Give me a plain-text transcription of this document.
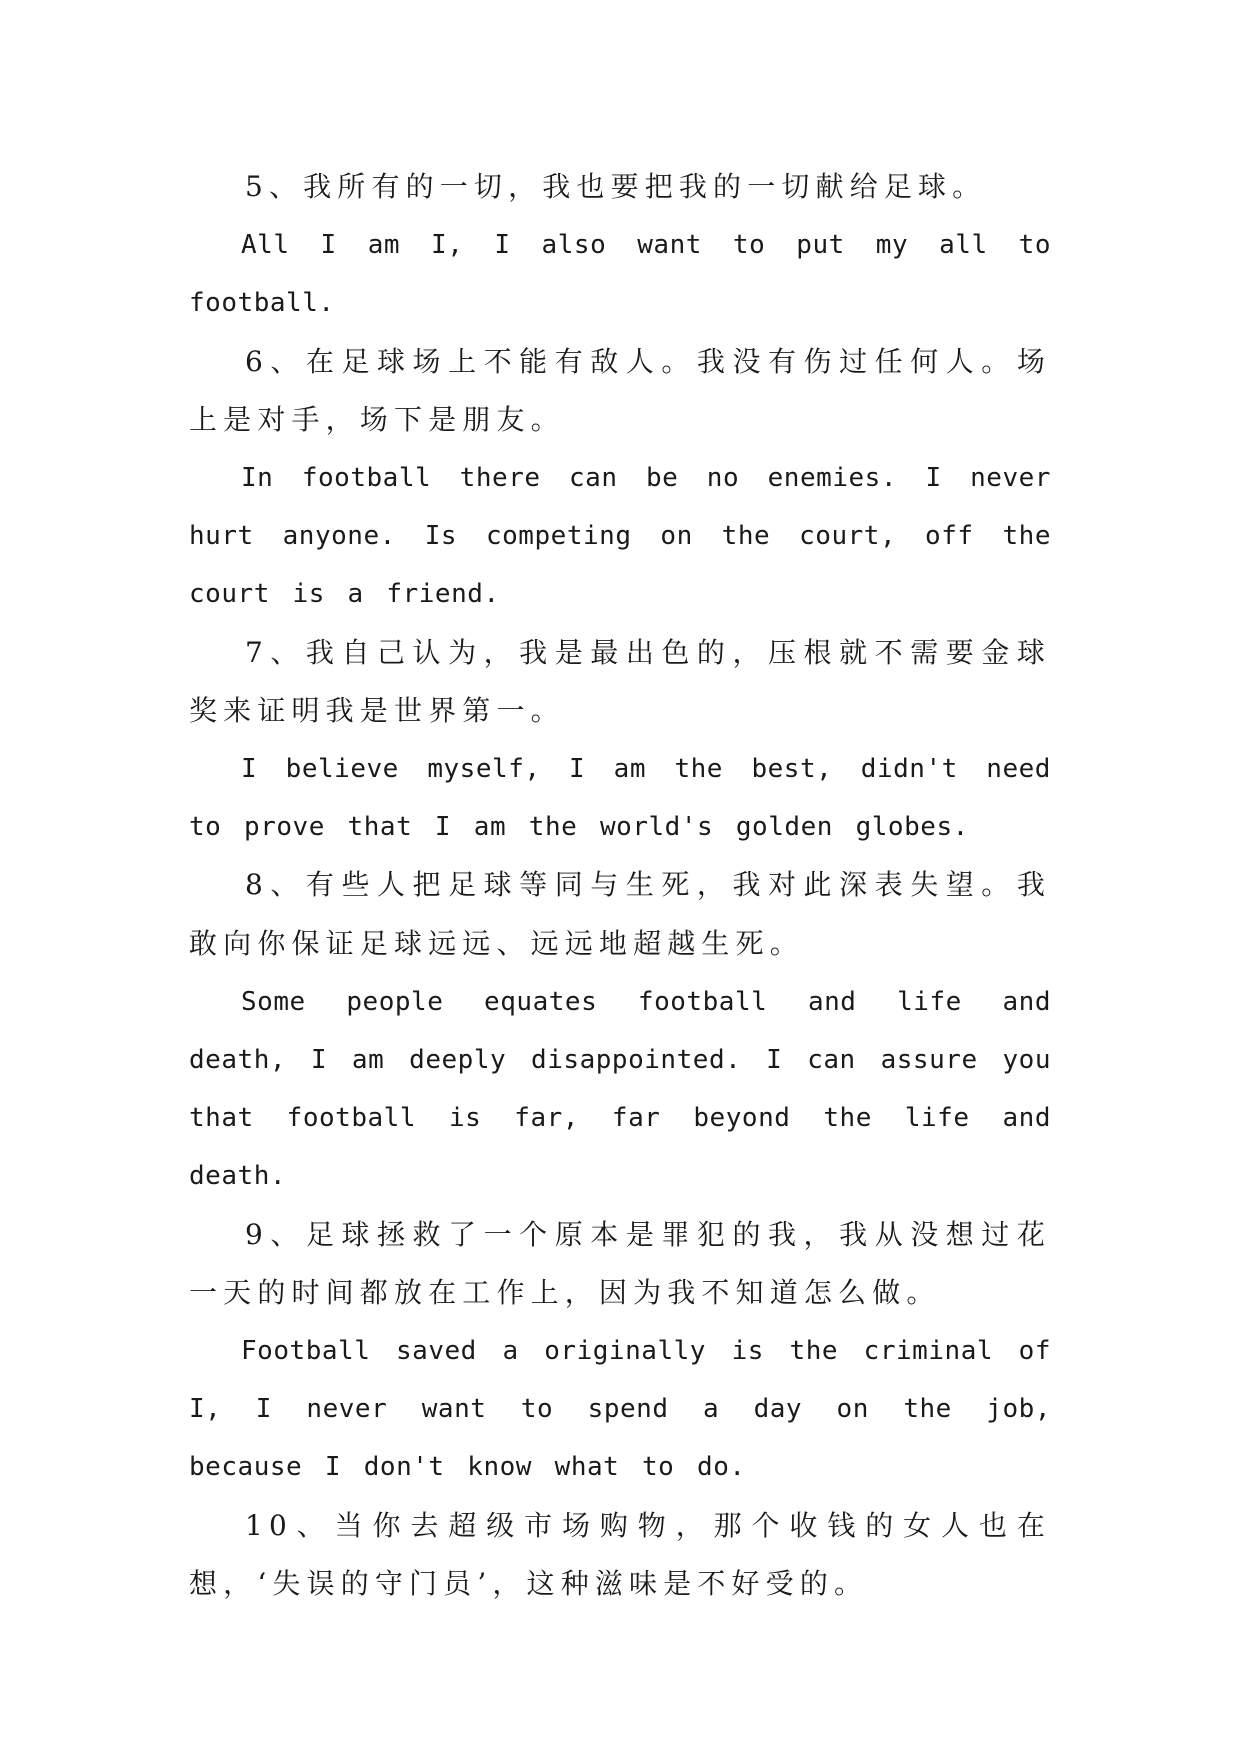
5、我所有的一切，我也要把我的一切献给足球。

All I am I, I also want to put my all to football.

6、在足球场上不能有敌人。我没有伤过任何人。场上是对手，场下是朋友。

In football there can be no enemies. I never hurt anyone. Is competing on the court, off the court is a friend.

7、我自己认为，我是最出色的，压根就不需要金球奖来证明我是世界第一。

I believe myself, I am the best, didn't need to prove that I am the world's golden globes.

8、有些人把足球等同与生死，我对此深表失望。我敢向你保证足球远远、远远地超越生死。

Some people equates football and life and death, I am deeply disappointed. I can assure you that football is far, far beyond the life and death.

9、足球拯救了一个原本是罪犯的我，我从没想过花一天的时间都放在工作上，因为我不知道怎么做。

Football saved a originally is the criminal of I, I never want to spend a day on the job, because I don't know what to do.

10、当你去超级市场购物，那个收钱的女人也在想，‘失误的守门员’，这种滋味是不好受的。
